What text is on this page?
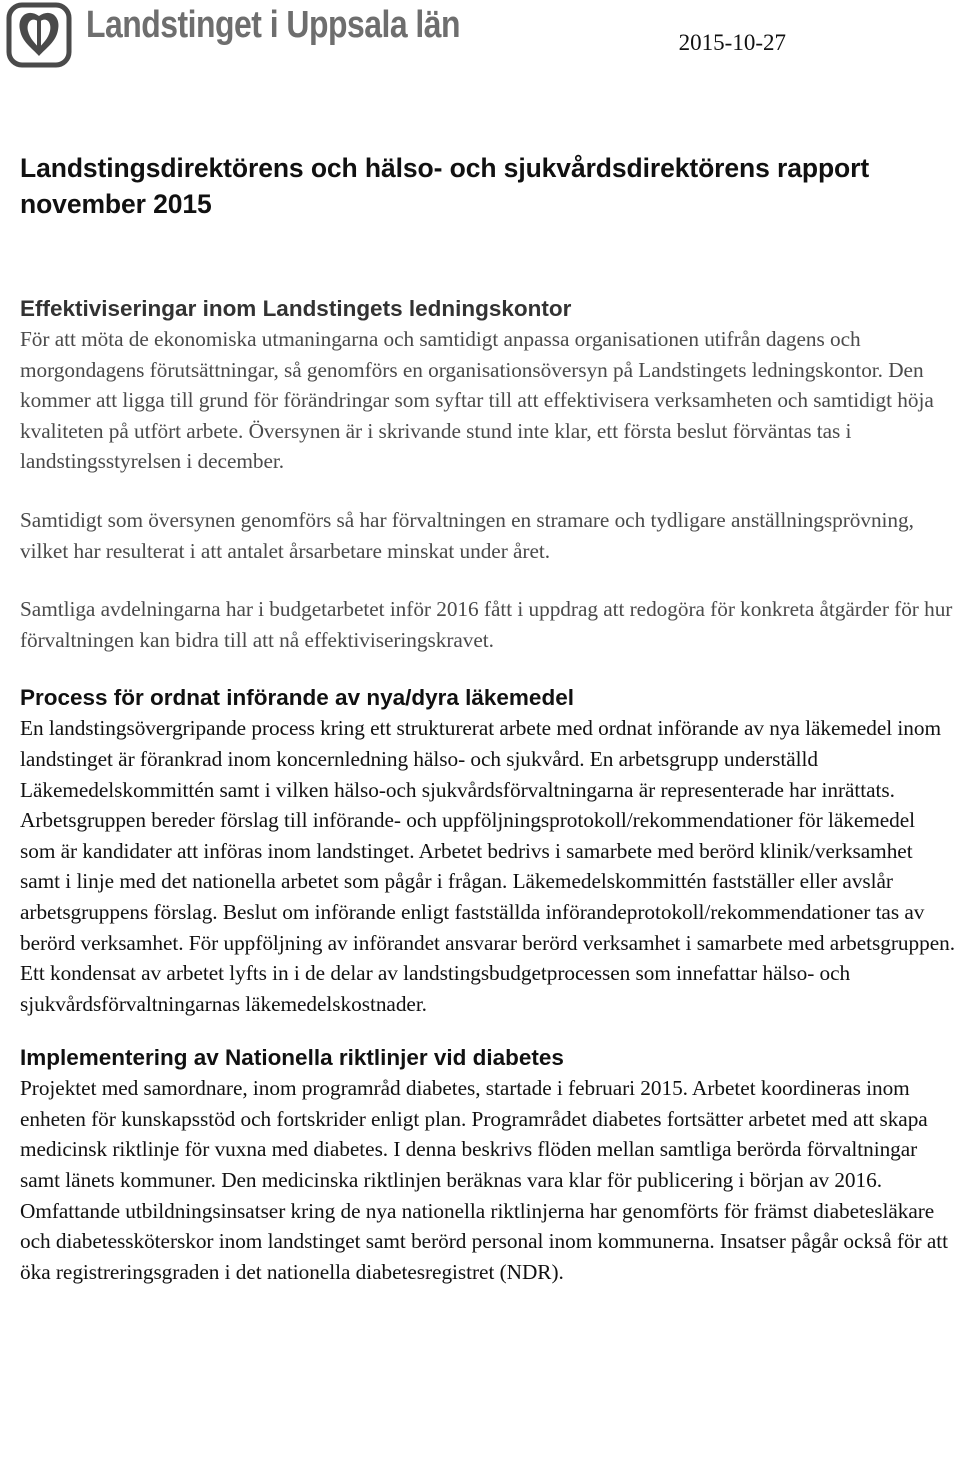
Landstinget i Uppsala län	2015-10-27
Landstingsdirektörens och hälso- och sjukvårdsdirektörens rapport november 2015
Effektiviseringar inom Landstingets ledningskontor

För att möta de ekonomiska utmaningarna och samtidigt anpassa organisationen utifrån dagens och morgondagens förutsättningar, så genomförs en organisationsöversyn på Landstingets ledningskontor. Den kommer att ligga till grund för förändringar som syftar till att effektivisera verksamheten och samtidigt höja kvaliteten på utfört arbete. Översynen är i skrivande stund inte klar, ett första beslut förväntas tas i landstingsstyrelsen i december.

Samtidigt som översynen genomförs så har förvaltningen en stramare och tydligare anställningsprövning, vilket har resulterat i att antalet årsarbetare minskat under året.

Samtliga avdelningarna har i budgetarbetet inför 2016 fått i uppdrag att redogöra för konkreta åtgärder för hur förvaltningen kan bidra till att nå effektiviseringskravet.

Process för ordnat införande av nya/dyra läkemedel

En landstingsövergripande process kring ett strukturerat arbete med ordnat införande av nya läkemedel inom landstinget är förankrad inom koncernledning hälso- och sjukvård. En arbetsgrupp underställd Läkemedelskommittén samt i vilken hälso-och sjukvårdsförvaltningarna är representerade har inrättats. Arbetsgruppen bereder förslag till införande- och uppföljningsprotokoll/rekommendationer för läkemedel som är kandidater att införas inom landstinget. Arbetet bedrivs i samarbete med berörd klinik/verksamhet samt i linje med det nationella arbetet som pågår i frågan. Läkemedelskommittén fastställer eller avslår arbetsgruppens förslag. Beslut om införande enligt fastställda införandeprotokoll/rekommendationer tas av berörd verksamhet. För uppföljning av införandet ansvarar berörd verksamhet i samarbete med arbetsgruppen. Ett kondensat av arbetet lyfts in i de delar av landstingsbudgetprocessen som innefattar hälso- och sjukvårdsförvaltningarnas läkemedelskostnader.

Implementering av Nationella riktlinjer vid diabetes

Projektet med samordnare, inom programråd diabetes, startade i februari 2015. Arbetet koordineras inom enheten för kunskapsstöd och fortskrider enligt plan. Programrådet diabetes fortsätter arbetet med att skapa medicinsk riktlinje för vuxna med diabetes. I denna beskrivs flöden mellan samtliga berörda förvaltningar samt länets kommuner. Den medicinska riktlinjen beräknas vara klar för publicering i början av 2016. Omfattande utbildningsinsatser kring de nya nationella riktlinjerna har genomförts för främst diabetesläkare och diabetessköterskor inom landstinget samt berörd personal inom kommunerna. Insatser pågår också för att öka registreringsgraden i det nationella diabetesregistret (NDR).
